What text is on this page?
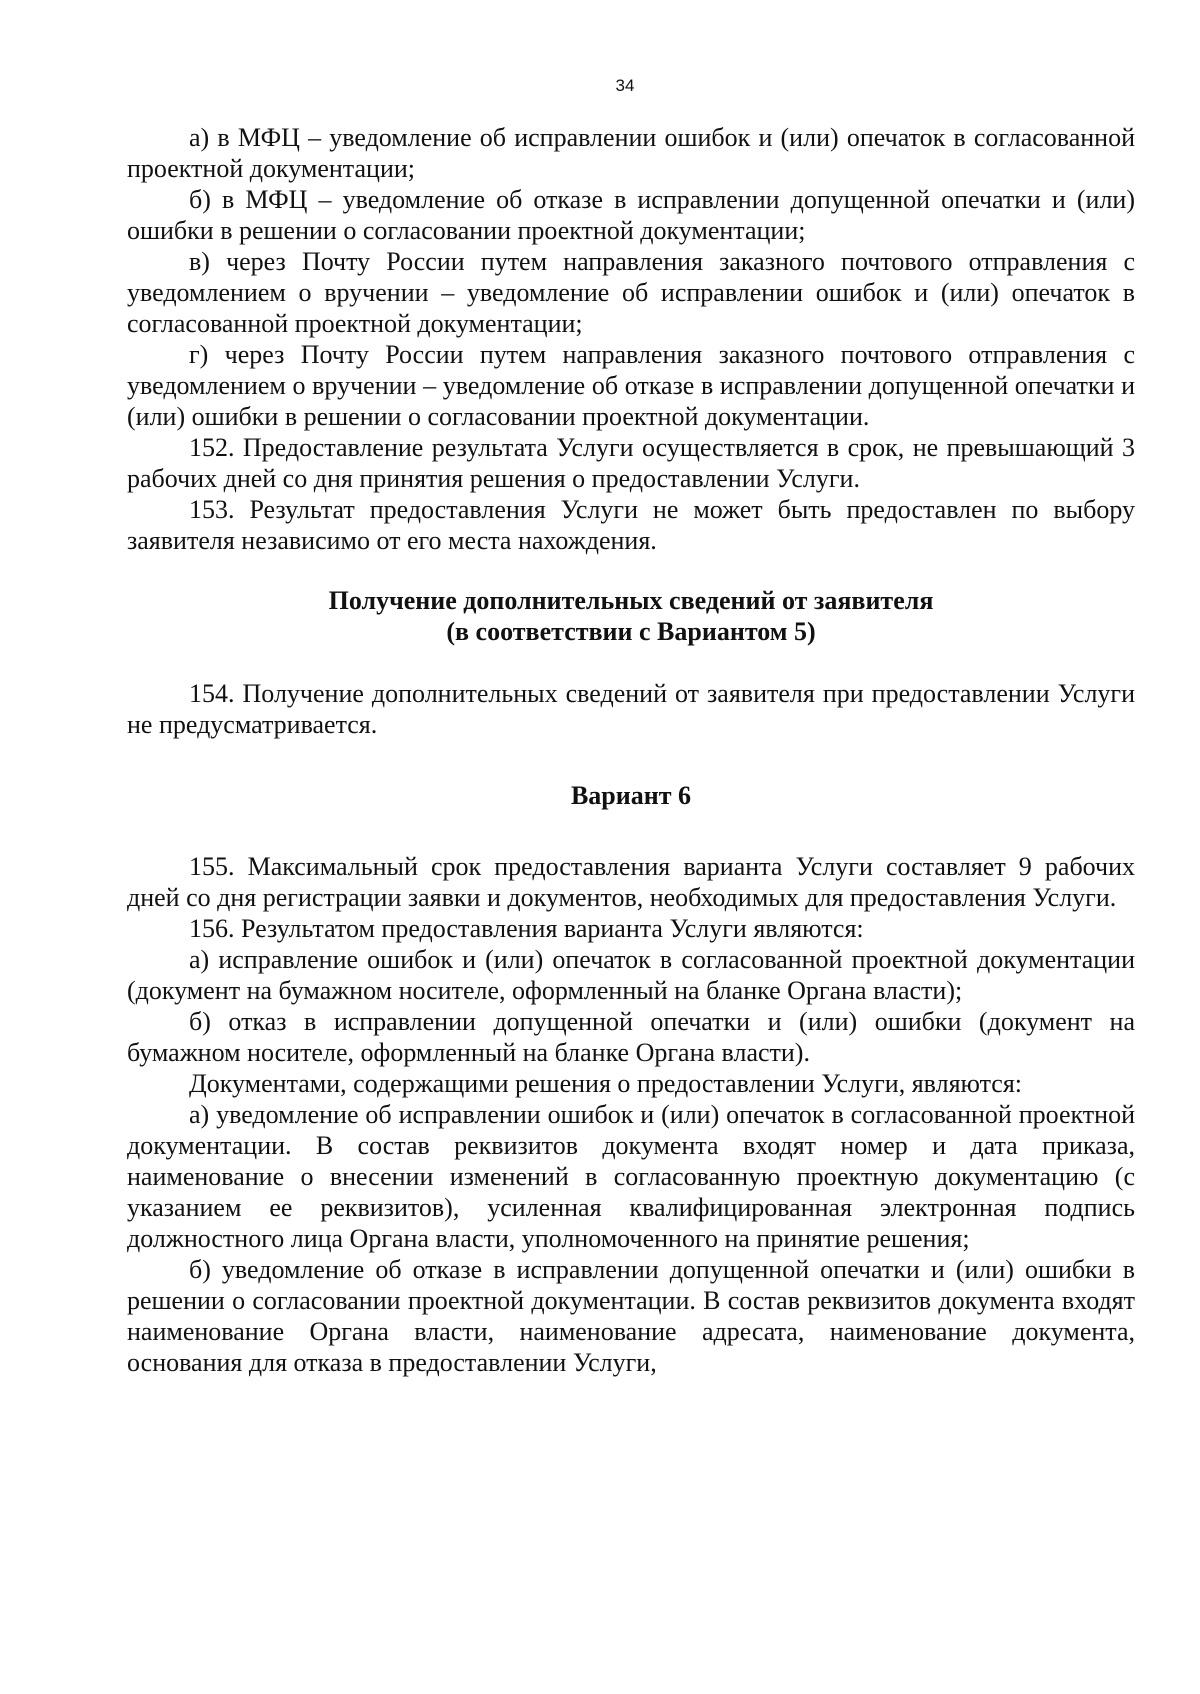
34

а) в МФЦ – уведомление об исправлении ошибок и (или) опечаток в согласованной проектной документации;

б) в МФЦ – уведомление об отказе в исправлении допущенной опечатки и (или) ошибки в решении о согласовании проектной документации;

в) через Почту России путем направления заказного почтового отправления с уведомлением о вручении – уведомление об исправлении ошибок и (или) опечаток в согласованной проектной документации;

г) через Почту России путем направления заказного почтового отправления с уведомлением о вручении – уведомление об отказе в исправлении допущенной опечатки и (или) ошибки в решении о согласовании проектной документации.

152. Предоставление результата Услуги осуществляется в срок, не превышающий 3 рабочих дней со дня принятия решения о предоставлении Услуги.

153. Результат предоставления Услуги не может быть предоставлен по выбору заявителя независимо от его места нахождения.

Получение дополнительных сведений от заявителя

(в соответствии с Вариантом 5)

154. Получение дополнительных сведений от заявителя при предоставлении Услуги не предусматривается.

Вариант 6

155. Максимальный срок предоставления варианта Услуги составляет 9 рабочих дней со дня регистрации заявки и документов, необходимых для предоставления Услуги.

156. Результатом предоставления варианта Услуги являются:

а) исправление ошибок и (или) опечаток в согласованной проектной документации (документ на бумажном носителе, оформленный на бланке Органа власти);

б) отказ в исправлении допущенной опечатки и (или) ошибки (документ на бумажном носителе, оформленный на бланке Органа власти).

Документами, содержащими решения о предоставлении Услуги, являются:

а) уведомление об исправлении ошибок и (или) опечаток в согласованной проектной документации. В состав реквизитов документа входят номер и дата приказа, наименование о внесении изменений в согласованную проектную документацию (с указанием ее реквизитов), усиленная квалифицированная электронная подпись должностного лица Органа власти, уполномоченного на принятие решения;

б) уведомление об отказе в исправлении допущенной опечатки и (или) ошибки в решении о согласовании проектной документации. В состав реквизитов документа входят наименование Органа власти, наименование адресата, наименование документа, основания для отказа в предоставлении Услуги,
